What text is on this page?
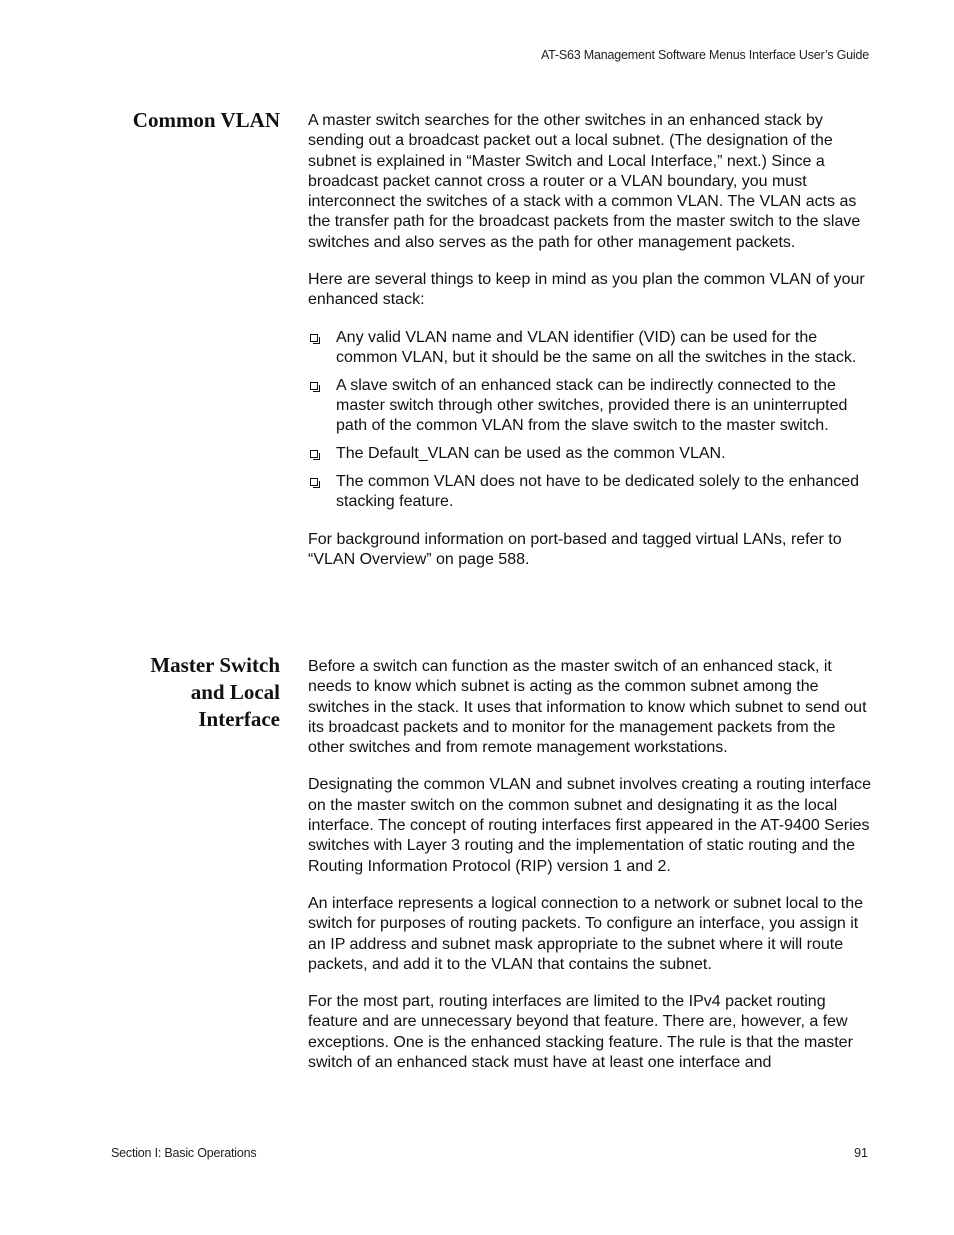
AT-S63 Management Software Menus Interface User’s Guide
Common VLAN A master switch searches for the other switches in an enhanced stack by sending out a broadcast packet out a local subnet. (The designation of the subnet is explained in “Master Switch and Local Interface,” next.) Since a broadcast packet cannot cross a router or a VLAN boundary, you must interconnect the switches of a stack with a common VLAN. The VLAN acts as the transfer path for the broadcast packets from the master switch to the slave switches and also serves as the path for other management packets.

Here are several things to keep in mind as you plan the common VLAN of your enhanced stack:

Any valid VLAN name and VLAN identifier (VID) can be used for the common VLAN, but it should be the same on all the switches in the stack.
A slave switch of an enhanced stack can be indirectly connected to the master switch through other switches, provided there is an uninterrupted path of the common VLAN from the slave switch to the master switch.
The Default_VLAN can be used as the common VLAN.
The common VLAN does not have to be dedicated solely to the enhanced stacking feature.

For background information on port-based and tagged virtual LANs, refer to “VLAN Overview” on page 588.

Master Switch
and Local
Interface

Before a switch can function as the master switch of an enhanced stack, it needs to know which subnet is acting as the common subnet among the switches in the stack. It uses that information to know which subnet to send out its broadcast packets and to monitor for the management packets from the other switches and from remote management workstations.

Designating the common VLAN and subnet involves creating a routing interface on the master switch on the common subnet and designating it as the local interface. The concept of routing interfaces first appeared in the AT-9400 Series switches with Layer 3 routing and the implementation of static routing and the Routing Information Protocol (RIP) version 1 and 2.

An interface represents a logical connection to a network or subnet local to the switch for purposes of routing packets. To configure an interface, you assign it an IP address and subnet mask appropriate to the subnet where it will route packets, and add it to the VLAN that contains the subnet.

For the most part, routing interfaces are limited to the IPv4 packet routing feature and are unnecessary beyond that feature. There are, however, a few exceptions. One is the enhanced stacking feature. The rule is that the master switch of an enhanced stack must have at least one interface and

Section I: Basic Operations	91
